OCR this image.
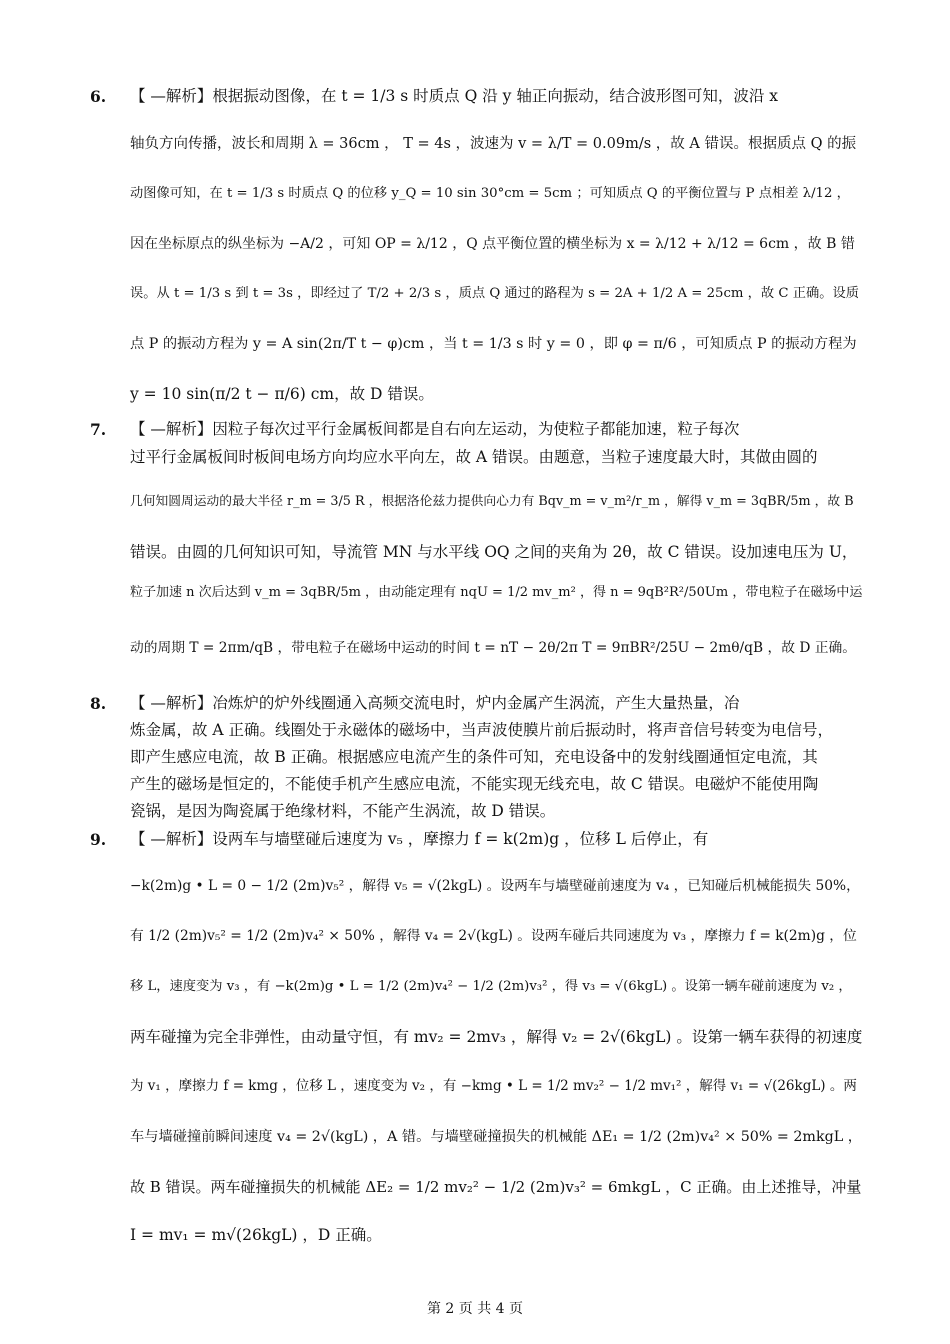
6. 【 —解析】根据振动图像，在 t = 1/3 s 时质点 Q 沿 y 轴正向振动，结合波形图可知，波沿 x
轴负方向传播，波长和周期 λ = 36cm ， T = 4s ，波速为 v = λ/T = 0.09m/s ，故 A 错误。根据质点 Q 的振
动图像可知，在 t = 1/3 s 时质点 Q 的位移 y_Q = 10 sin 30°cm = 5cm ；可知质点 Q 的平衡位置与 P 点相差 λ/12 ，
因在坐标原点的纵坐标为 −A/2 ，可知 OP = λ/12 ，Q 点平衡位置的横坐标为 x = λ/12 + λ/12 = 6cm ，故 B 错
误。从 t = 1/3 s 到 t = 3s ，即经过了 T/2 + 2/3 s ，质点 Q 通过的路程为 s = 2A + 1/2 A = 25cm ，故 C 正确。设质
点 P 的振动方程为 y = A sin(2π/T t − φ)cm ，当 t = 1/3 s 时 y = 0 ，即 φ = π/6 ，可知质点 P 的振动方程为
y = 10 sin(π/2 t − π/6) cm，故 D 错误。
7. 【 —解析】因粒子每次过平行金属板间都是自右向左运动，为使粒子都能加速，粒子每次
过平行金属板间时板间电场方向均应水平向左，故 A 错误。由题意，当粒子速度最大时，其做由圆的
几何知圆周运动的最大半径 r_m = 3/5 R ，根据洛伦兹力提供向心力有 Bqv_m = v_m²/r_m ，解得 v_m = 3qBR/5m ，故 B
错误。由圆的几何知识可知，导流管 MN 与水平线 OQ 之间的夹角为 2θ，故 C 错误。设加速电压为 U，
粒子加速 n 次后达到 v_m = 3qBR/5m ，由动能定理有 nqU = 1/2 mv_m² ，得 n = 9qB²R²/50Um ，带电粒子在磁场中运
动的周期 T = 2πm/qB ，带电粒子在磁场中运动的时间 t = nT − 2θ/2π T = 9πBR²/25U − 2mθ/qB ，故 D 正确。
8. 【 —解析】冶炼炉的炉外线圈通入高频交流电时，炉内金属产生涡流，产生大量热量，冶
炼金属，故 A 正确。线圈处于永磁体的磁场中，当声波使膜片前后振动时，将声音信号转变为电信号，
即产生感应电流，故 B 正确。根据感应电流产生的条件可知，充电设备中的发射线圈通恒定电流，其
产生的磁场是恒定的，不能使手机产生感应电流，不能实现无线充电，故 C 错误。电磁炉不能使用陶
瓷锅，是因为陶瓷属于绝缘材料，不能产生涡流，故 D 错误。
9. 【 —解析】设两车与墙壁碰后速度为 v₅ ，摩擦力 f = k(2m)g ，位移 L 后停止，有
−k(2m)g • L = 0 − 1/2 (2m)v₅² ，解得 v₅ = √(2kgL) 。设两车与墙壁碰前速度为 v₄ ，已知碰后机械能损失 50%，
有 1/2 (2m)v₅² = 1/2 (2m)v₄² × 50% ，解得 v₄ = 2√(kgL) 。设两车碰后共同速度为 v₃ ，摩擦力 f = k(2m)g ，位
移 L，速度变为 v₃ ，有 −k(2m)g • L = 1/2 (2m)v₄² − 1/2 (2m)v₃² ，得 v₃ = √(6kgL) 。设第一辆车碰前速度为 v₂ ，
两车碰撞为完全非弹性，由动量守恒，有 mv₂ = 2mv₃ ，解得 v₂ = 2√(6kgL) 。设第一辆车获得的初速度
为 v₁ ，摩擦力 f = kmg ，位移 L ，速度变为 v₂ ，有 −kmg • L = 1/2 mv₂² − 1/2 mv₁² ，解得 v₁ = √(26kgL) 。两
车与墙碰撞前瞬间速度 v₄ = 2√(kgL) ，A 错。与墙壁碰撞损失的机械能 ΔE₁ = 1/2 (2m)v₄² × 50% = 2mkgL ，
故 B 错误。两车碰撞损失的机械能 ΔE₂ = 1/2 mv₂² − 1/2 (2m)v₃² = 6mkgL ，C 正确。由上述推导，冲量
I = mv₁ = m√(26kgL) ，D 正确。
第 2 页 共 4 页
